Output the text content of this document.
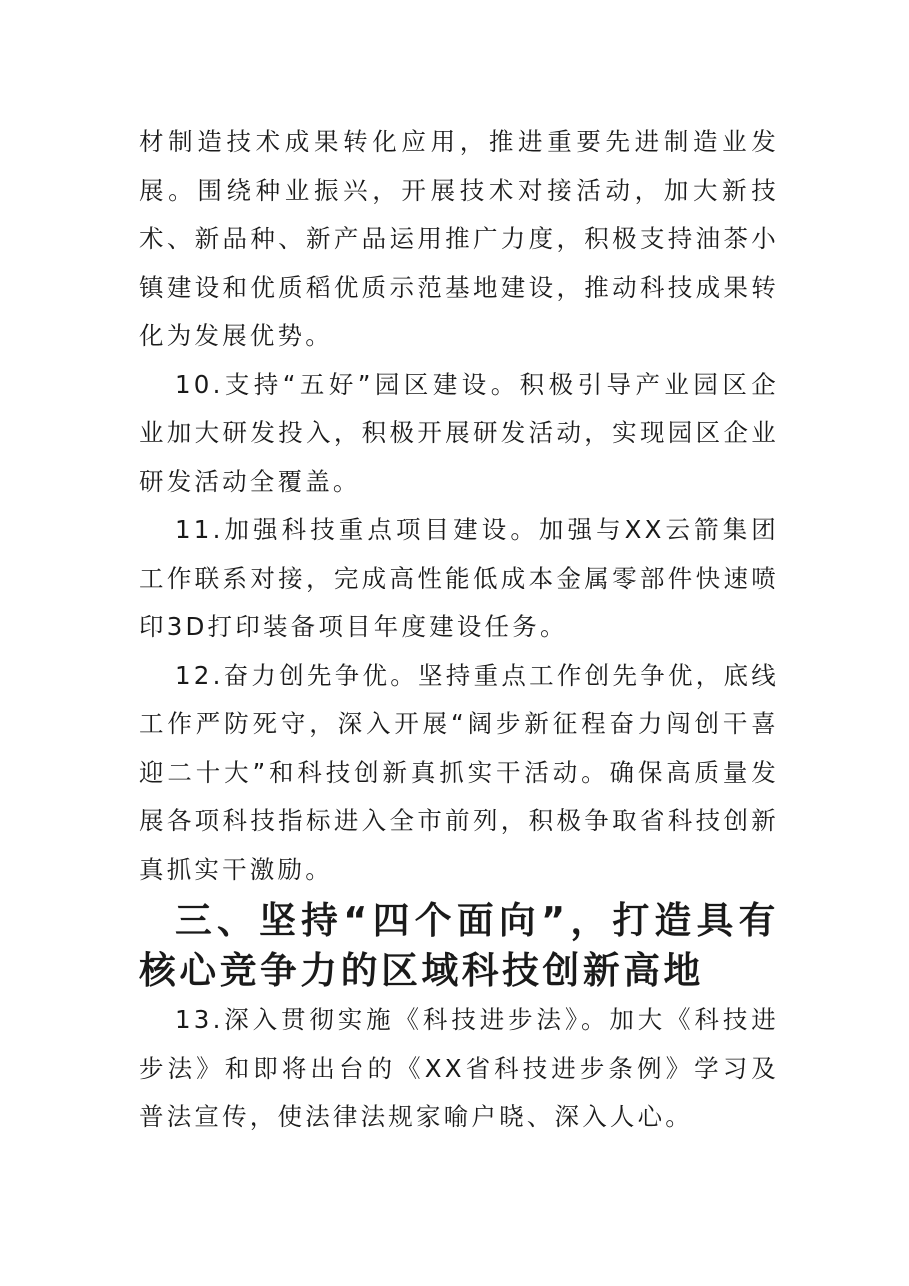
材制造技术成果转化应用，推进重要先进制造业发展。围绕种业振兴，开展技术对接活动，加大新技术、新品种、新产品运用推广力度，积极支持油茶小镇建设和优质稻优质示范基地建设，推动科技成果转化为发展优势。

10.支持“五好”园区建设。积极引导产业园区企业加大研发投入，积极开展研发活动，实现园区企业研发活动全覆盖。

11.加强科技重点项目建设。加强与XX云箭集团工作联系对接，完成高性能低成本金属零部件快速喷印3D打印装备项目年度建设任务。

12.奋力创先争优。坚持重点工作创先争优，底线工作严防死守，深入开展“阔步新征程奋力闯创干喜迎二十大”和科技创新真抓实干活动。确保高质量发展各项科技指标进入全市前列，积极争取省科技创新真抓实干激励。

三、坚持“四个面向”，打造具有核心竞争力的区域科技创新高地

13.深入贯彻实施《科技进步法》。加大《科技进步法》和即将出台的《XX省科技进步条例》学习及普法宣传，使法律法规家喻户晓、深入人心。
